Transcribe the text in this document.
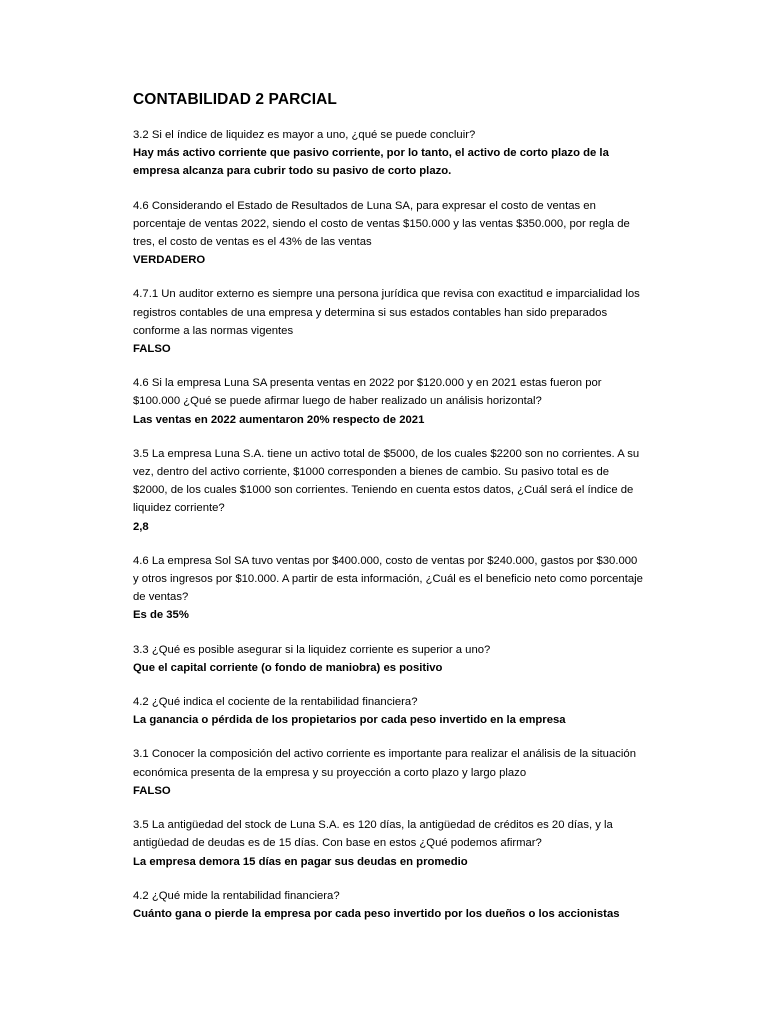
CONTABILIDAD 2 PARCIAL

3.2 Si el índice de liquidez es mayor a uno, ¿qué se puede concluir?

Hay más activo corriente que pasivo corriente, por lo tanto, el activo de corto plazo de la empresa alcanza para cubrir todo su pasivo de corto plazo.

4.6 Considerando el Estado de Resultados de Luna SA, para expresar el costo de ventas en porcentaje de ventas 2022, siendo el costo de ventas $150.000 y las ventas $350.000, por regla de tres, el costo de ventas es el 43% de las ventas

VERDADERO

4.7.1 Un auditor externo es siempre una persona jurídica que revisa con exactitud e imparcialidad los registros contables de una empresa y determina si sus estados contables han sido preparados conforme a las normas vigentes

FALSO

4.6 Si la empresa Luna SA presenta ventas en 2022 por $120.000 y en 2021 estas fueron por $100.000 ¿Qué se puede afirmar luego de haber realizado un análisis horizontal?

Las ventas en 2022 aumentaron 20% respecto de 2021

3.5 La empresa Luna S.A. tiene un activo total de $5000, de los cuales $2200 son no corrientes. A su vez, dentro del activo corriente, $1000 corresponden a bienes de cambio. Su pasivo total es de $2000, de los cuales $1000 son corrientes. Teniendo en cuenta estos datos, ¿Cuál será el índice de liquidez corriente?

2,8

4.6 La empresa Sol SA tuvo ventas por $400.000, costo de ventas por $240.000, gastos por $30.000 y otros ingresos por $10.000. A partir de esta información, ¿Cuál es el beneficio neto como porcentaje de ventas?

Es de 35%

3.3 ¿Qué es posible asegurar si la liquidez corriente es superior a uno?

Que el capital corriente (o fondo de maniobra) es positivo

4.2 ¿Qué indica el cociente de la rentabilidad financiera?

La ganancia o pérdida de los propietarios por cada peso invertido en la empresa

3.1 Conocer la composición del activo corriente es importante para realizar el análisis de la situación económica presenta de la empresa y su proyección a corto plazo y largo plazo

FALSO

3.5 La antigüedad del stock de Luna S.A. es 120 días, la antigüedad de créditos es 20 días, y la antigüedad de deudas es de 15 días. Con base en estos ¿Qué podemos afirmar?

La empresa demora 15 días en pagar sus deudas en promedio

4.2 ¿Qué mide la rentabilidad financiera?

Cuánto gana o pierde la empresa por cada peso invertido por los dueños o los accionistas
